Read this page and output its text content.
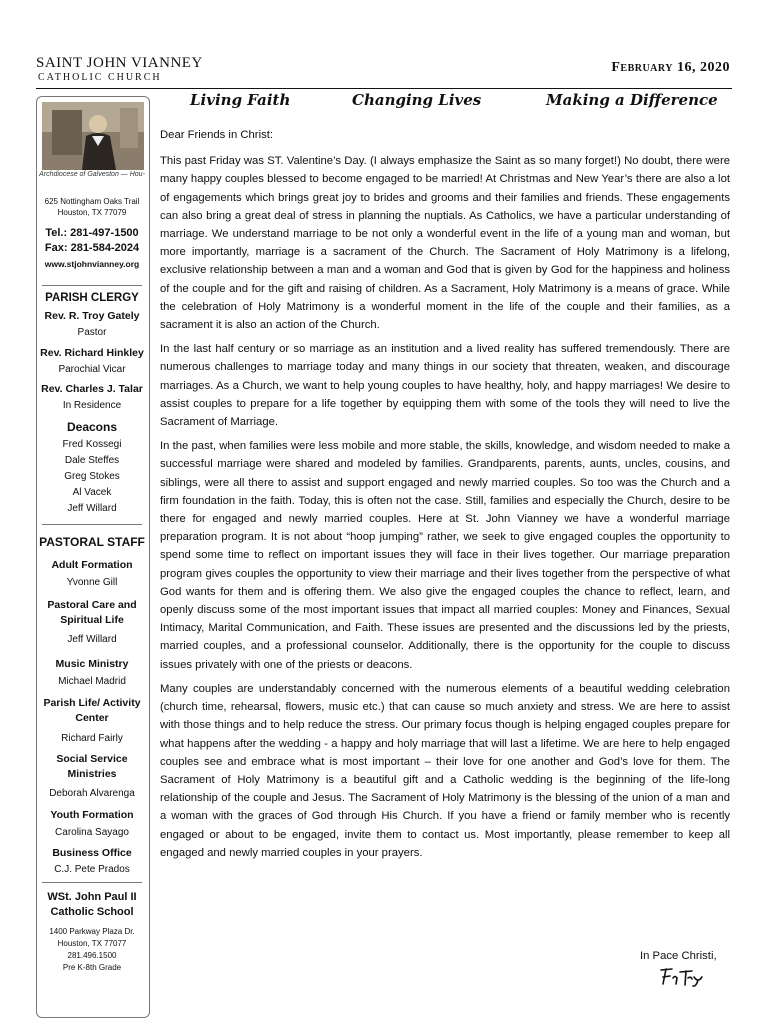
SAINT JOHN VIANNEY
CATHOLIC CHURCH
February 16, 2020
Living Faith	Changing Lives	Making a Difference
Archdiocese of Galveston — Hou-
625 Nottingham Oaks Trail
Houston, TX 77079
Tel.: 281-497-1500
Fax: 281-584-2024
www.stjohnvianney.org
PARISH CLERGY
Rev. R. Troy Gately
Pastor
Rev. Richard Hinkley
Parochial Vicar
Rev. Charles J. Talar
In Residence
Deacons
Fred Kossegi
Dale Steffes
Greg Stokes
Al Vacek
Jeff Willard
PASTORAL STAFF
Adult Formation
Yvonne Gill
Pastoral Care and Spiritual Life
Jeff Willard
Music Ministry
Michael Madrid
Parish Life/ Activity Center
Richard Fairly
Social Service Ministries
Deborah Alvarenga
Youth Formation
Carolina Sayago
Business Office
C.J. Pete Prados
WSt. John Paul II Catholic School
1400 Parkway Plaza Dr.
Houston, TX 77077
281.496.1500
Pre K-8th Grade

Dear Friends in Christ:

This past Friday was ST. Valentine’s Day. (I always emphasize the Saint as so many forget!) No doubt, there were many happy couples blessed to become engaged to be married! At Christmas and New Year’s there are also a lot of engagements which brings great joy to brides and grooms and their families and friends. These engagements can also bring a great deal of stress in planning the nuptials. As Catholics, we have a particular understanding of marriage. We understand marriage to be not only a wonderful event in the life of a young man and woman, but more importantly, marriage is a sacrament of the Church. The Sacrament of Holy Matrimony is a lifelong, exclusive relationship between a man and a woman and God that is given by God for the happiness and holiness of the couple and for the gift and raising of children. As a Sacrament, Holy Matrimony is a means of grace. While the celebration of Holy Matrimony is a wonderful moment in the life of the couple and their families, as a sacrament it is also an action of the Church.

In the last half century or so marriage as an institution and a lived reality has suffered tremendously. There are numerous challenges to marriage today and many things in our society that threaten, weaken, and discourage marriages. As a Church, we want to help young couples to have healthy, holy, and happy marriages! We desire to assist couples to prepare for a life together by equipping them with some of the tools they will need to live the Sacrament of Marriage.

In the past, when families were less mobile and more stable, the skills, knowledge, and wisdom needed to make a successful marriage were shared and modeled by families. Grandparents, parents, aunts, uncles, cousins, and siblings, were all there to assist and support engaged and newly married couples. So too was the Church and a firm foundation in the faith. Today, this is often not the case. Still, families and especially the Church, desire to be there for engaged and newly married couples. Here at St. John Vianney we have a wonderful marriage preparation program. It is not about “hoop jumping” rather, we seek to give engaged couples the opportunity to spend some time to reflect on important issues they will face in their lives together. Our marriage preparation program gives couples the opportunity to view their marriage and their lives together from the perspective of what God wants for them and is offering them. We also give the engaged couples the chance to reflect, learn, and openly discuss some of the most important issues that impact all married couples: Money and Finances, Sexual Intimacy, Marital Communication, and Faith. These issues are presented and the discussions led by the priests, married couples, and a professional counselor. Additionally, there is the opportunity for the couple to discuss issues privately with one of the priests or deacons.

Many couples are understandably concerned with the numerous elements of a beautiful wedding celebration (church time, rehearsal, flowers, music etc.) that can cause so much anxiety and stress. We are here to assist with those things and to help reduce the stress. Our primary focus though is helping engaged couples prepare for what happens after the wedding - a happy and holy marriage that will last a lifetime. We are here to help engaged couples see and embrace what is most important – their love for one another and God’s love for them. The Sacrament of Holy Matrimony is a beautiful gift and a Catholic wedding is the beginning of the life-long relationship of the couple and Jesus. The Sacrament of Holy Matrimony is the blessing of the union of a man and a woman with the graces of God through His Church. If you have a friend or family member who is recently engaged or about to be engaged, invite them to contact us. Most importantly, please remember to keep all engaged and newly married couples in your prayers.

In Pace Christi,
